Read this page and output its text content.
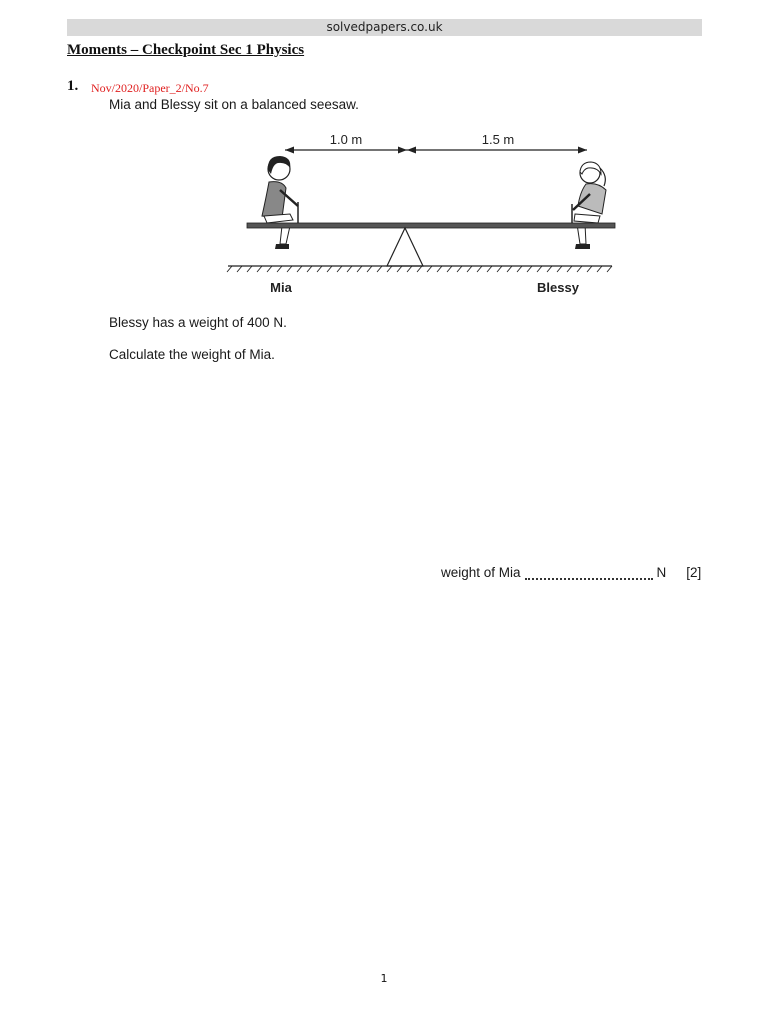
solvedpapers.co.uk
Moments – Checkpoint Sec 1 Physics
1. Nov/2020/Paper_2/No.7
Mia and Blessy sit on a balanced seesaw.
1.0 m	1.5 m
Mia	Blessy
Blessy has a weight of 400 N.
Calculate the weight of Mia.
weight of Mia	N [2]
1
